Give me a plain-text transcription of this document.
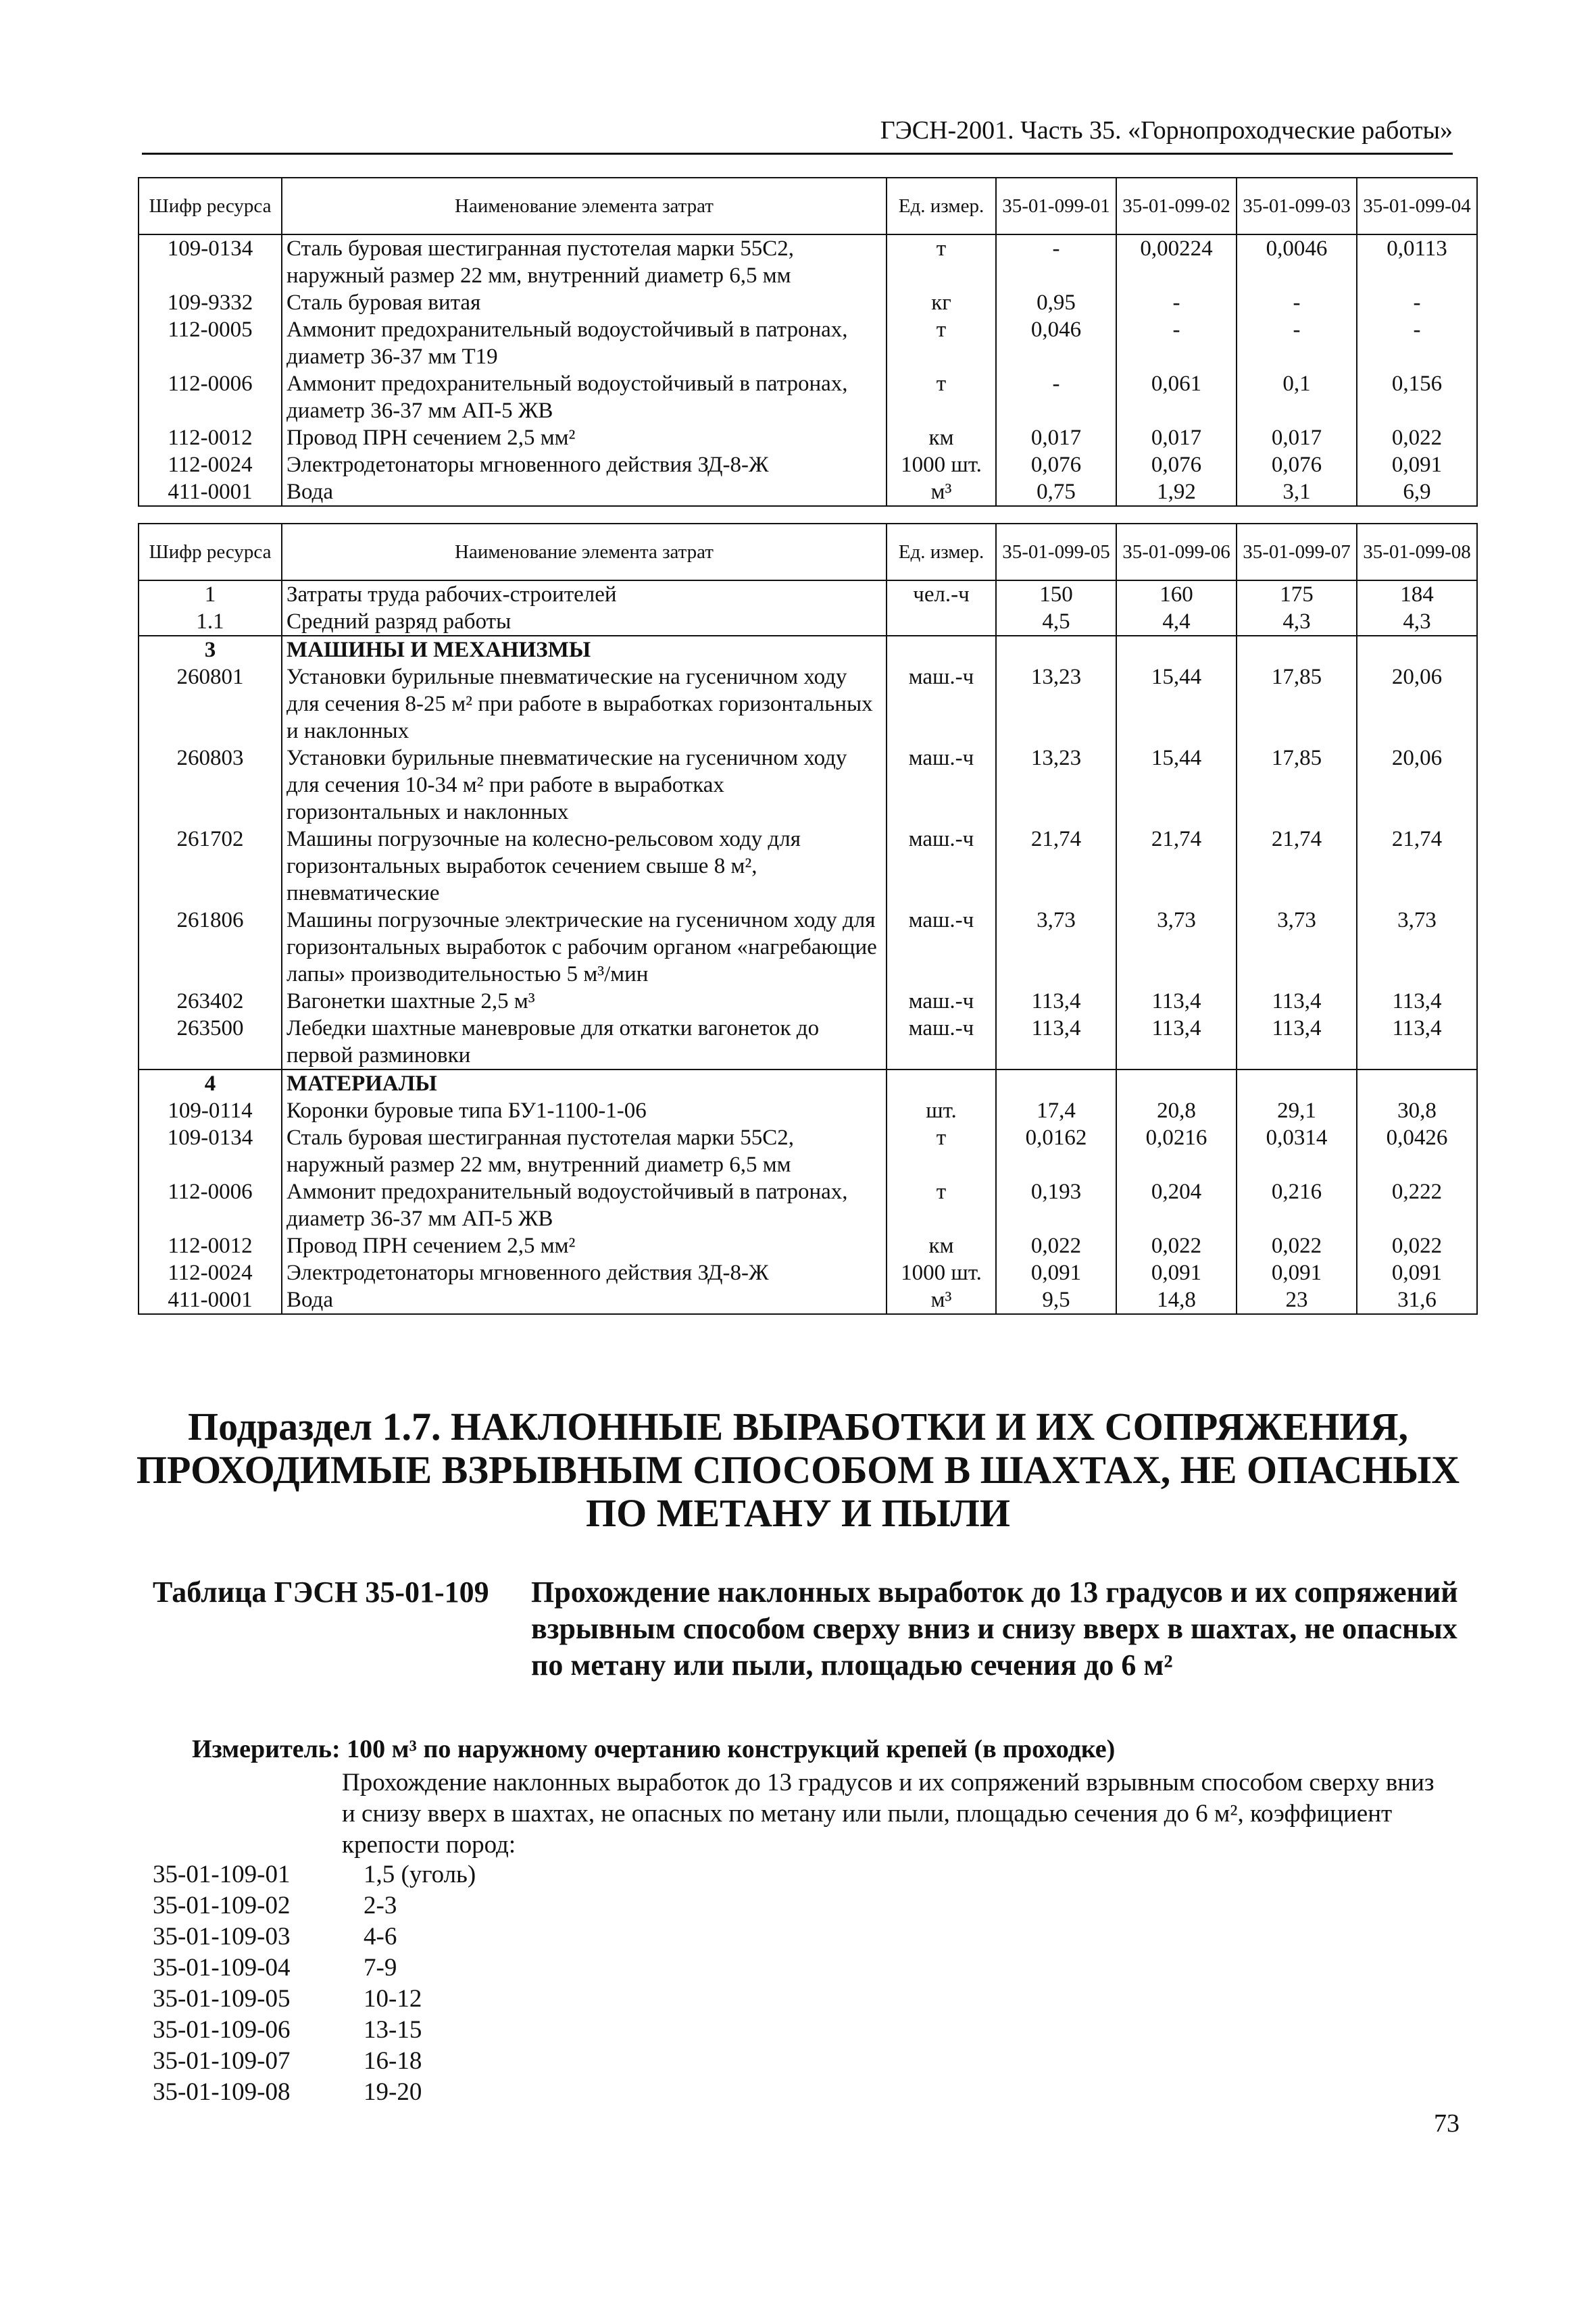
ГЭСН-2001. Часть 35. «Горнопроходческие работы»
Шифр ресурса	Наименование элемента затрат	Ед. измер.	35-01-099-01	35-01-099-02	35-01-099-03	35-01-099-04
109-0134	Сталь буровая шестигранная пустотелая марки 55С2, наружный размер 22 мм, внутренний диаметр 6,5 мм	т	-	0,00224	0,0046	0,0113
109-9332	Сталь буровая витая	кг	0,95	-	-	-
112-0005	Аммонит предохранительный водоустойчивый в патронах, диаметр 36-37 мм Т19	т	0,046	-	-	-
112-0006	Аммонит предохранительный водоустойчивый в патронах, диаметр 36-37 мм АП-5 ЖВ	т	-	0,061	0,1	0,156
112-0012	Провод ПРН сечением 2,5 мм²	км	0,017	0,017	0,017	0,022
112-0024	Электродетонаторы мгновенного действия ЗД-8-Ж	1000 шт.	0,076	0,076	0,076	0,091
411-0001	Вода	м³	0,75	1,92	3,1	6,9
Шифр ресурса	Наименование элемента затрат	Ед. измер.	35-01-099-05	35-01-099-06	35-01-099-07	35-01-099-08
1	Затраты труда рабочих-строителей	чел.-ч	150	160	175	184
1.1	Средний разряд работы		4,5	4,4	4,3	4,3
3	МАШИНЫ И МЕХАНИЗМЫ					
260801	Установки бурильные пневматические на гусеничном ходу для сечения 8-25 м² при работе в выработках горизонтальных и наклонных	маш.-ч	13,23	15,44	17,85	20,06
260803	Установки бурильные пневматические на гусеничном ходу для сечения 10-34 м² при работе в выработках горизонтальных и наклонных	маш.-ч	13,23	15,44	17,85	20,06
261702	Машины погрузочные на колесно-рельсовом ходу для горизонтальных выработок сечением свыше 8 м², пневматические	маш.-ч	21,74	21,74	21,74	21,74
261806	Машины погрузочные электрические на гусеничном ходу для горизонтальных выработок с рабочим органом «нагребающие лапы» производительностью 5 м³/мин	маш.-ч	3,73	3,73	3,73	3,73
263402	Вагонетки шахтные 2,5 м³	маш.-ч	113,4	113,4	113,4	113,4
263500	Лебедки шахтные маневровые для откатки вагонеток до первой разминовки	маш.-ч	113,4	113,4	113,4	113,4
4	МАТЕРИАЛЫ					
109-0114	Коронки буровые типа БУ1-1100-1-06	шт.	17,4	20,8	29,1	30,8
109-0134	Сталь буровая шестигранная пустотелая марки 55С2, наружный размер 22 мм, внутренний диаметр 6,5 мм	т	0,0162	0,0216	0,0314	0,0426
112-0006	Аммонит предохранительный водоустойчивый в патронах, диаметр 36-37 мм АП-5 ЖВ	т	0,193	0,204	0,216	0,222
112-0012	Провод ПРН сечением 2,5 мм²	км	0,022	0,022	0,022	0,022
112-0024	Электродетонаторы мгновенного действия ЗД-8-Ж	1000 шт.	0,091	0,091	0,091	0,091
411-0001	Вода	м³	9,5	14,8	23	31,6
Подраздел 1.7. НАКЛОННЫЕ ВЫРАБОТКИ И ИХ СОПРЯЖЕНИЯ, ПРОХОДИМЫЕ ВЗРЫВНЫМ СПОСОБОМ В ШАХТАХ, НЕ ОПАСНЫХ ПО МЕТАНУ И ПЫЛИ
Таблица ГЭСН 35-01-109	Прохождение наклонных выработок до 13 градусов и их сопряжений взрывным способом сверху вниз и снизу вверх в шахтах, не опасных по метану или пыли, площадью сечения до 6 м²
Измеритель: 100 м³ по наружному очертанию конструкций крепей (в проходке)
Прохождение наклонных выработок до 13 градусов и их сопряжений взрывным способом сверху вниз и снизу вверх в шахтах, не опасных по метану или пыли, площадью сечения до 6 м², коэффициент крепости пород:
35-01-109-01	1,5 (уголь)
35-01-109-02	2-3
35-01-109-03	4-6
35-01-109-04	7-9
35-01-109-05	10-12
35-01-109-06	13-15
35-01-109-07	16-18
35-01-109-08	19-20
73
